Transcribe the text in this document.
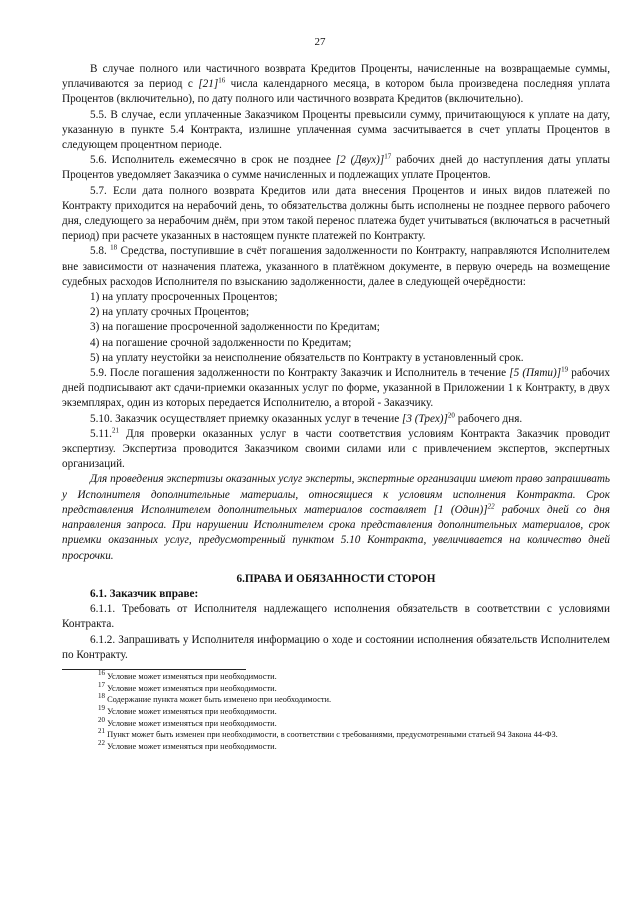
27

В случае полного или частичного возврата Кредитов Проценты, начисленные на возвращаемые суммы, уплачиваются за период с $[21]^{16}$ числа календарного месяца, в котором была произведена последняя уплата Процентов (включительно), по дату полного или частичного возврата Кредитов (включительно).

5.5. В случае, если уплаченные Заказчиком Проценты превысили сумму, причитающуюся к уплате на дату, указанную в пункте 5.4 Контракта, излишне уплаченная сумма засчитывается в счет уплаты Процентов в следующем процентном периоде.

5.6. Исполнитель ежемесячно в срок не позднее [2 (Двух)]$^{17}$ рабочих дней до наступления даты уплаты Процентов уведомляет Заказчика о сумме начисленных и подлежащих уплате Процентов.

5.7. Если дата полного возврата Кредитов или дата внесения Процентов и иных видов платежей по Контракту приходится на нерабочий день, то обязательства должны быть исполнены не позднее первого рабочего дня, следующего за нерабочим днём, при этом такой перенос платежа будет учитываться (включаться в расчетный период) при расчете указанных в настоящем пункте платежей по Контракту.

5.8. $^{18}$ Средства, поступившие в счёт погашения задолженности по Контракту, направляются Исполнителем вне зависимости от назначения платежа, указанного в платёжном документе, в первую очередь на возмещение судебных расходов Исполнителя по взысканию задолженности, далее в следующей очерёдности:

1) на уплату просроченных Процентов;

2) на уплату срочных Процентов;

3) на погашение просроченной задолженности по Кредитам;

4) на погашение срочной задолженности по Кредитам;

5) на уплату неустойки за неисполнение обязательств по Контракту в установленный срок.

5.9. После погашения задолженности по Контракту Заказчик и Исполнитель в течение [5 (Пяти)]$^{19}$ рабочих дней подписывают акт сдачи-приемки оказанных услуг по форме, указанной в Приложении 1 к Контракту, в двух экземплярах, один из которых передается Исполнителю, а второй - Заказчику.

5.10. Заказчик осуществляет приемку оказанных услуг в течение [3 (Трех)]$^{20}$ рабочего дня.

5.11.21 Для проверки оказанных услуг в части соответствия условиям Контракта Заказчик проводит экспертизу. Экспертиза проводится Заказчиком своими силами или с привлечением экспертов, экспертных организаций.

Для проведения экспертизы оказанных услуг эксперты, экспертные организации имеют право запрашивать у Исполнителя дополнительные материалы, относящиеся к условиям исполнения Контракта. Срок представления Исполнителем дополнительных материалов составляет [1 (Один)]$^{22}$ рабочих дней со дня направления запроса. При нарушении Исполнителем срока представления дополнительных материалов, срок приемки оказанных услуг, предусмотренный пунктом 5.10 Контракта, увеличивается на количество дней просрочки.

6.ПРАВА И ОБЯЗАННОСТИ СТОРОН

6.1. Заказчик вправе:

6.1.1. Требовать от Исполнителя надлежащего исполнения обязательств в соответствии с условиями Контракта.

6.1.2. Запрашивать у Исполнителя информацию о ходе и состоянии исполнения обязательств Исполнителем по Контракту.

$^{16}$ Условие может изменяться при необходимости.

$^{17}$ Условие может изменяться при необходимости.

$^{18}$ Содержание пункта может быть изменено при необходимости.

$^{19}$ Условие может изменяться при необходимости.

$^{20}$ Условие может изменяться при необходимости.

$^{21}$ Пункт может быть изменен при необходимости, в соответствии с требованиями, предусмотренными статьей 94 Закона 44-ФЗ.

$^{22}$ Условие может изменяться при необходимости.
